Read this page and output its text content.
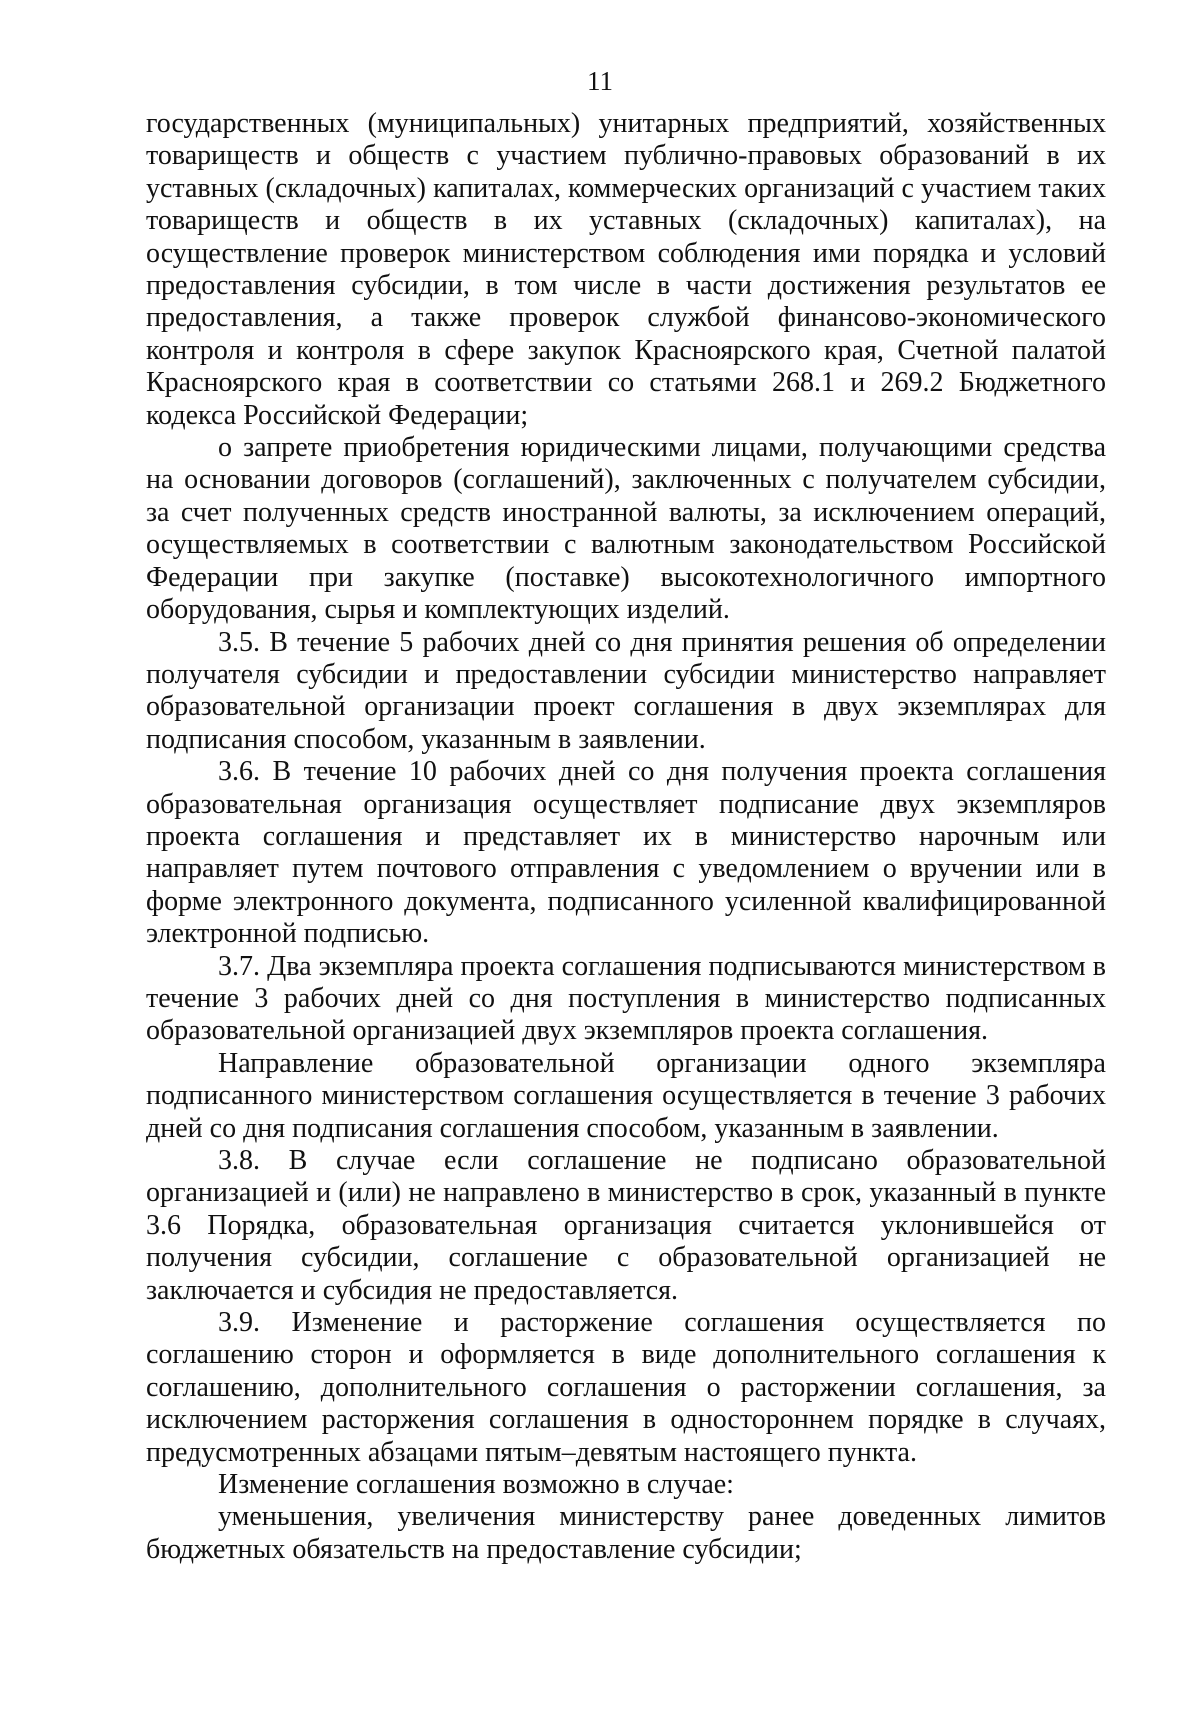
11

государственных (муниципальных) унитарных предприятий, хозяйственных товариществ и обществ с участием публично-правовых образований в их уставных (складочных) капиталах, коммерческих организаций с участием таких товариществ и обществ в их уставных (складочных) капиталах), на осуществление проверок министерством соблюдения ими порядка и условий предоставления субсидии, в том числе в части достижения результатов ее предоставления, а также проверок службой финансово-экономического контроля и контроля в сфере закупок Красноярского края, Счетной палатой Красноярского края в соответствии со статьями 268.1 и 269.2 Бюджетного кодекса Российской Федерации;

о запрете приобретения юридическими лицами, получающими средства на основании договоров (соглашений), заключенных с получателем субсидии, за счет полученных средств иностранной валюты, за исключением операций, осуществляемых в соответствии с валютным законодательством Российской Федерации при закупке (поставке) высокотехнологичного импортного оборудования, сырья и комплектующих изделий.

3.5. В течение 5 рабочих дней со дня принятия решения об определении получателя субсидии и предоставлении субсидии министерство направляет образовательной организации проект соглашения в двух экземплярах для подписания способом, указанным в заявлении.

3.6. В течение 10 рабочих дней со дня получения проекта соглашения образовательная организация осуществляет подписание двух экземпляров проекта соглашения и представляет их в министерство нарочным или направляет путем почтового отправления с уведомлением о вручении или в форме электронного документа, подписанного усиленной квалифицированной электронной подписью.

3.7. Два экземпляра проекта соглашения подписываются министерством в течение 3 рабочих дней со дня поступления в министерство подписанных образовательной организацией двух экземпляров проекта соглашения.

Направление образовательной организации одного экземпляра подписанного министерством соглашения осуществляется в течение 3 рабочих дней со дня подписания соглашения способом, указанным в заявлении.

3.8. В случае если соглашение не подписано образовательной организацией и (или) не направлено в министерство в срок, указанный в пункте 3.6 Порядка, образовательная организация считается уклонившейся от получения субсидии, соглашение с образовательной организацией не заключается и субсидия не предоставляется.

3.9. Изменение и расторжение соглашения осуществляется по соглашению сторон и оформляется в виде дополнительного соглашения к соглашению, дополнительного соглашения о расторжении соглашения, за исключением расторжения соглашения в одностороннем порядке в случаях, предусмотренных абзацами пятым–девятым настоящего пункта.

Изменение соглашения возможно в случае:

уменьшения, увеличения министерству ранее доведенных лимитов бюджетных обязательств на предоставление субсидии;
